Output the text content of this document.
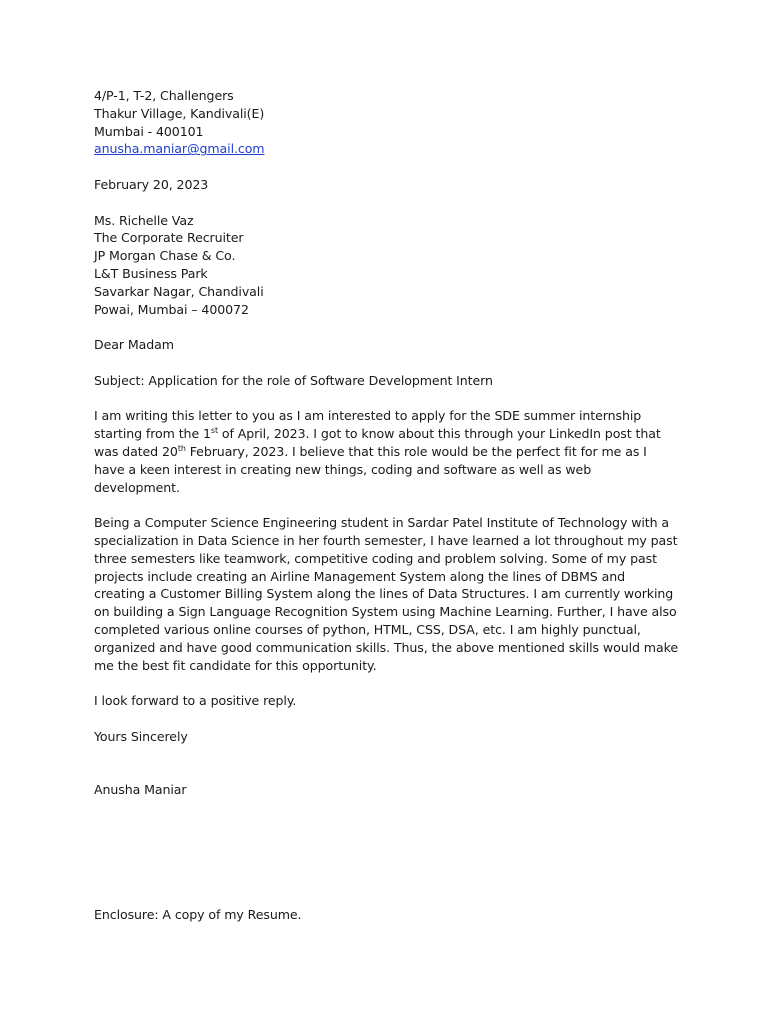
4/P-1, T-2, Challengers
Thakur Village, Kandivali(E)
Mumbai - 400101
anusha.maniar@gmail.com
February 20, 2023
Ms. Richelle Vaz
The Corporate Recruiter
JP Morgan Chase & Co.
L&T Business Park
Savarkar Nagar, Chandivali
Powai, Mumbai – 400072
Dear Madam
Subject: Application for the role of Software Development Intern

I am writing this letter to you as I am interested to apply for the SDE summer internship starting from the 1st of April, 2023. I got to know about this through your LinkedIn post that was dated 20th February, 2023. I believe that this role would be the perfect fit for me as I have a keen interest in creating new things, coding and software as well as web development.

Being a Computer Science Engineering student in Sardar Patel Institute of Technology with a specialization in Data Science in her fourth semester, I have learned a lot throughout my past three semesters like teamwork, competitive coding and problem solving. Some of my past projects include creating an Airline Management System along the lines of DBMS and creating a Customer Billing System along the lines of Data Structures. I am currently working on building a Sign Language Recognition System using Machine Learning. Further, I have also completed various online courses of python, HTML, CSS, DSA, etc. I am highly punctual, organized and have good communication skills. Thus, the above mentioned skills would make me the best fit candidate for this opportunity.

I look forward to a positive reply.
Yours Sincerely
Anusha Maniar
Enclosure: A copy of my Resume.
